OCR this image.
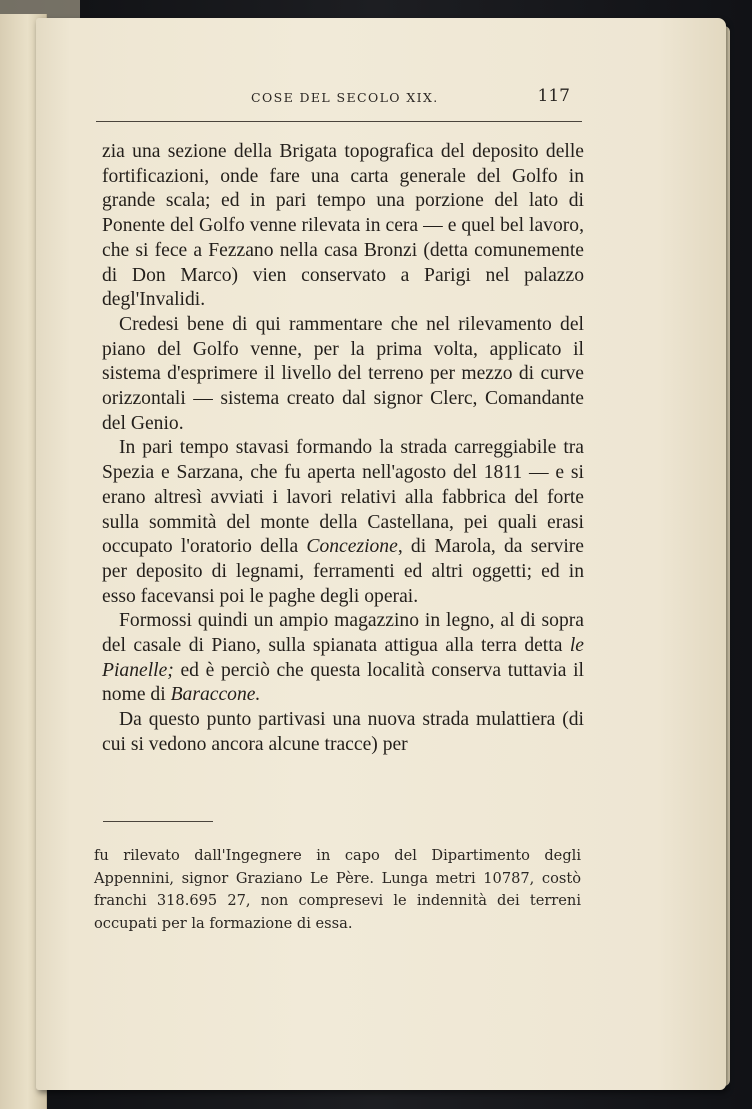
COSE DEL SECOLO XIX.	117

zia una sezione della Brigata topografica del deposito delle fortificazioni, onde fare una carta generale del Golfo in grande scala; ed in pari tempo una porzione del lato di Ponente del Golfo venne rilevata in cera — e quel bel lavoro, che si fece a Fezzano nella casa Bronzi (detta comunemente di Don Marco) vien conservato a Parigi nel palazzo degl'Invalidi.

Credesi bene di qui rammentare che nel rilevamento del piano del Golfo venne, per la prima volta, applicato il sistema d'esprimere il livello del terreno per mezzo di curve orizzontali — sistema creato dal signor Clerc, Comandante del Genio.

In pari tempo stavasi formando la strada carreggiabile tra Spezia e Sarzana, che fu aperta nell'agosto del 1811 — e si erano altresì avviati i lavori relativi alla fabbrica del forte sulla sommità del monte della Castellana, pei quali erasi occupato l'oratorio della Concezione, di Marola, da servire per deposito di legnami, ferramenti ed altri oggetti; ed in esso facevansi poi le paghe degli operai.

Formossi quindi un ampio magazzino in legno, al di sopra del casale di Piano, sulla spianata attigua alla terra detta le Pianelle; ed è perciò che questa località conserva tuttavia il nome di Baraccone.

Da questo punto partivasi una nuova strada mulattiera (di cui si vedono ancora alcune tracce) per

fu rilevato dall'Ingegnere in capo del Dipartimento degli Appennini, signor Graziano Le Père. Lunga metri 10787, costò franchi 318.695 27, non compresevi le indennità dei terreni occupati per la formazione di essa.
